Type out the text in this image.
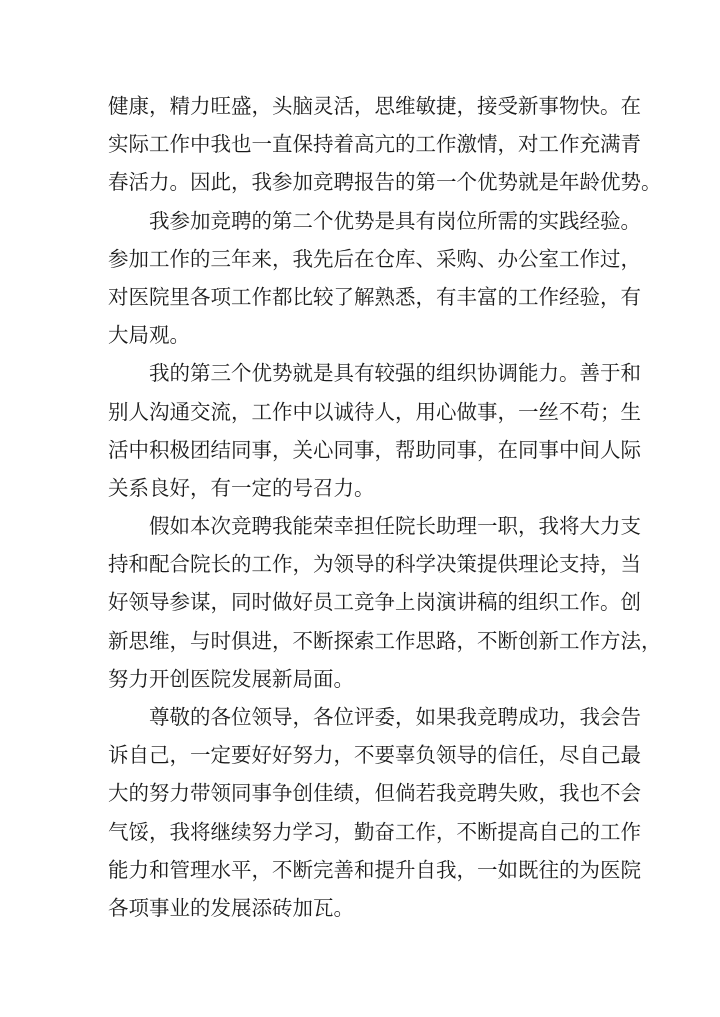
健康，精力旺盛，头脑灵活，思维敏捷，接受新事物快。在
实际工作中我也一直保持着高亢的工作激情，对工作充满青
春活力。因此，我参加竞聘报告的第一个优势就是年龄优势。
我参加竞聘的第二个优势是具有岗位所需的实践经验。
参加工作的三年来，我先后在仓库、采购、办公室工作过，
对医院里各项工作都比较了解熟悉，有丰富的工作经验，有
大局观。
我的第三个优势就是具有较强的组织协调能力。善于和
别人沟通交流，工作中以诚待人，用心做事，一丝不苟；生
活中积极团结同事，关心同事，帮助同事，在同事中间人际
关系良好，有一定的号召力。
假如本次竞聘我能荣幸担任院长助理一职，我将大力支
持和配合院长的工作，为领导的科学决策提供理论支持，当
好领导参谋，同时做好员工竞争上岗演讲稿的组织工作。创
新思维，与时俱进，不断探索工作思路，不断创新工作方法，
努力开创医院发展新局面。
尊敬的各位领导，各位评委，如果我竞聘成功，我会告
诉自己，一定要好好努力，不要辜负领导的信任，尽自己最
大的努力带领同事争创佳绩，但倘若我竞聘失败，我也不会
气馁，我将继续努力学习，勤奋工作，不断提高自己的工作
能力和管理水平，不断完善和提升自我，一如既往的为医院
各项事业的发展添砖加瓦。
